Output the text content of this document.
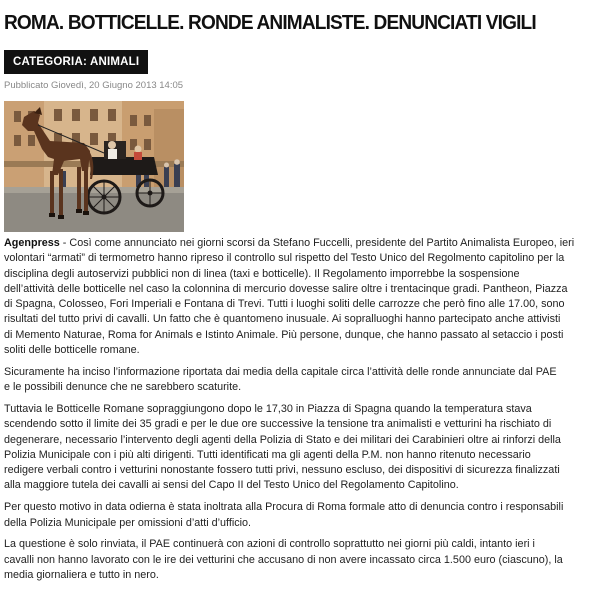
ROMA. BOTTICELLE. RONDE ANIMALISTE. DENUNCIATI VIGILI
CATEGORIA: ANIMALI
Pubblicato Giovedì, 20 Giugno 2013 14:05

Agenpress - Così come annunciato nei giorni scorsi da Stefano Fuccelli, presidente del Partito Animalista Europeo, ieri
volontari “armati” di termometro hanno ripreso il controllo sul rispetto del Testo Unico del Regolmento capitolino per la
disciplina degli autoservizi pubblici non di linea (taxi e botticelle). Il Regolamento imporrebbe la sospensione
dell’attività delle botticelle nel caso la colonnina di mercurio dovesse salire oltre i trentacinque gradi. Pantheon, Piazza
di Spagna, Colosseo, Fori Imperiali e Fontana di Trevi. Tutti i luoghi soliti delle carrozze che però fino alle 17.00, sono
risultati del tutto privi di cavalli. Un fatto che è quantomeno inusuale. Ai sopralluoghi hanno partecipato anche attivisti
di Memento Naturae, Roma for Animals e Istinto Animale. Più persone, dunque, che hanno passato al setaccio i posti
soliti delle botticelle romane.

Sicuramente ha inciso l’informazione riportata dai media della capitale circa l’attività delle ronde annunciate dal PAE
e le possibili denunce che ne sarebbero scaturite.

Tuttavia le Botticelle Romane sopraggiungono dopo le 17,30 in Piazza di Spagna quando la temperatura stava
scendendo sotto il limite dei 35 gradi e per le due ore successive la tensione tra animalisti e vetturini ha rischiato di
degenerare, necessario l’intervento degli agenti della Polizia di Stato e dei militari dei Carabinieri oltre ai rinforzi della
Polizia Municipale con i più alti dirigenti. Tutti identificati ma gli agenti della P.M. non hanno ritenuto necessario
redigere verbali contro i vetturini nonostante fossero tutti privi, nessuno escluso, dei dispositivi di sicurezza finalizzati
alla maggiore tutela dei cavalli ai sensi del Capo II del Testo Unico del Regolamento Capitolino.

Per questo motivo in data odierna è stata inoltrata alla Procura di Roma formale atto di denuncia contro i responsabili
della Polizia Municipale per omissioni d’atti d’ufficio.

La questione è solo rinviata, il PAE continuerà con azioni di controllo soprattutto nei giorni più caldi, intanto ieri i
cavalli non hanno lavorato con le ire dei vetturini che accusano di non avere incassato circa 1.500 euro (ciascuno), la
media giornaliera e tutto in nero.
